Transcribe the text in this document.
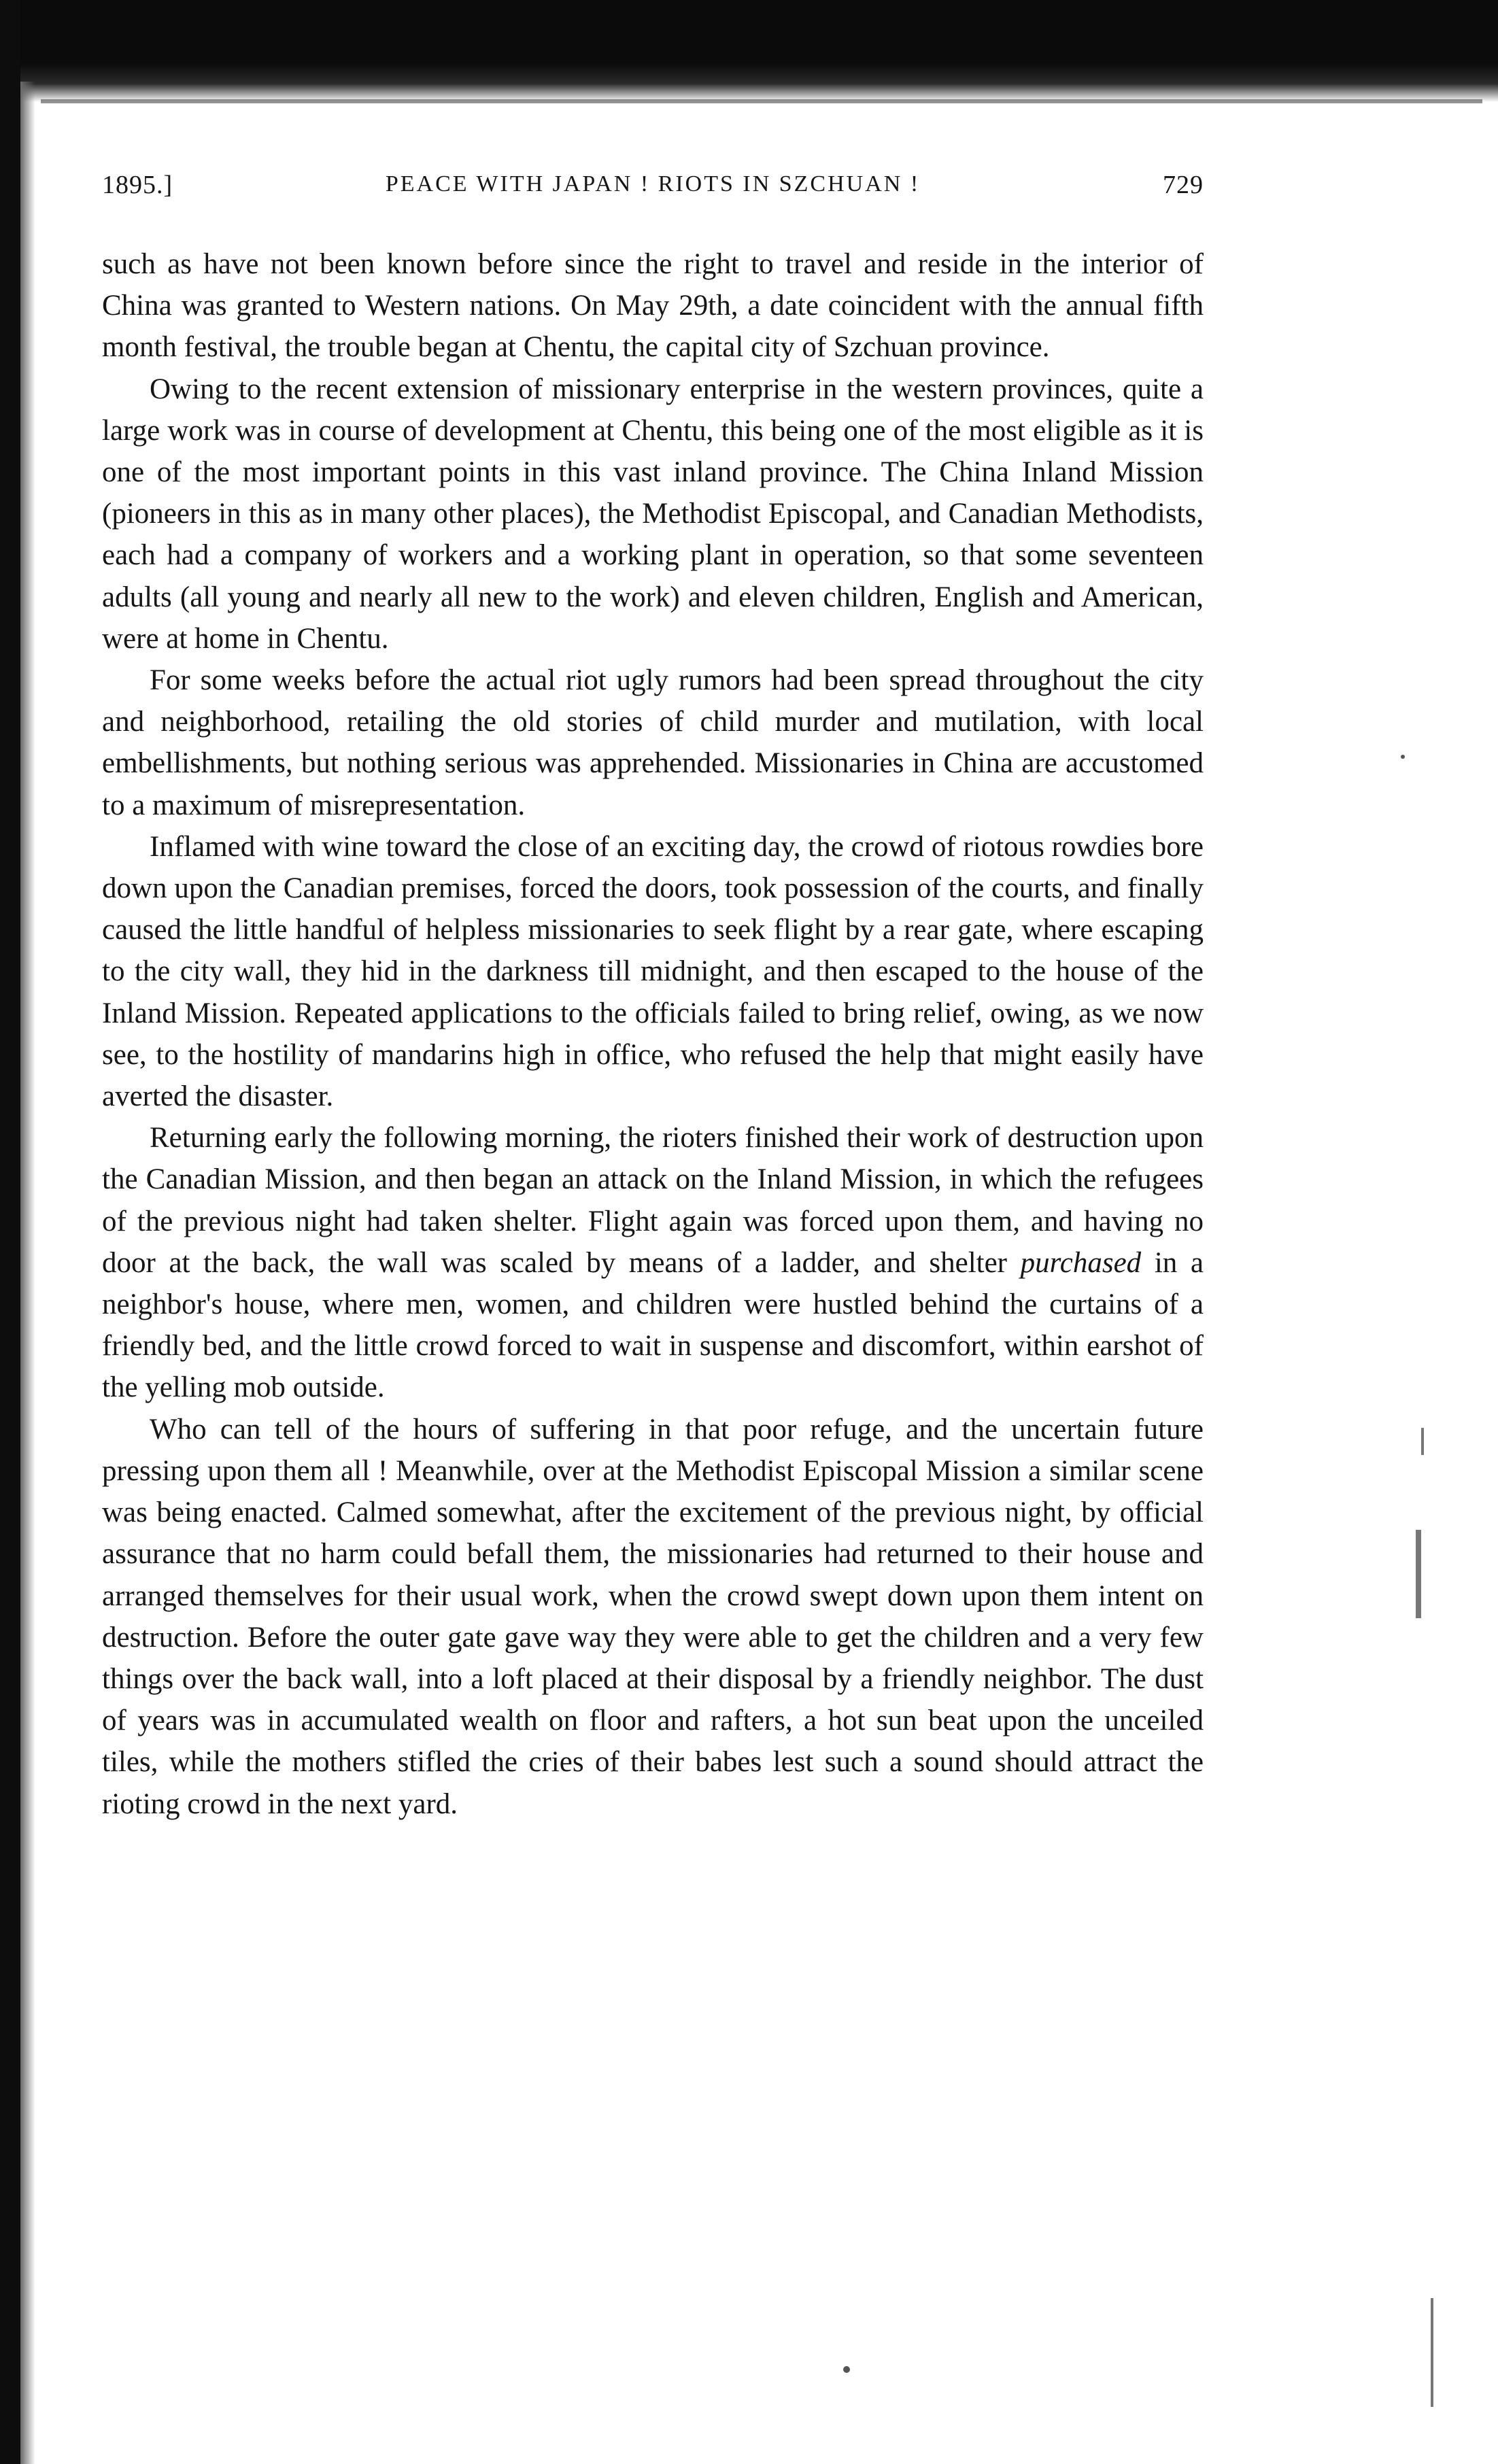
1895.]	PEACE WITH JAPAN ! RIOTS IN SZCHUAN !	729

such as have not been known before since the right to travel and reside in the interior of China was granted to Western nations. On May 29th, a date coincident with the annual fifth month festival, the trouble began at Chentu, the capital city of Szchuan province.

Owing to the recent extension of missionary enterprise in the western provinces, quite a large work was in course of development at Chentu, this being one of the most eligible as it is one of the most important points in this vast inland province. The China Inland Mission (pioneers in this as in many other places), the Methodist Episcopal, and Canadian Methodists, each had a company of workers and a working plant in operation, so that some seventeen adults (all young and nearly all new to the work) and eleven children, English and American, were at home in Chentu.

For some weeks before the actual riot ugly rumors had been spread throughout the city and neighborhood, retailing the old stories of child murder and mutilation, with local embellishments, but nothing serious was apprehended. Missionaries in China are accustomed to a maximum of misrepresentation.

Inflamed with wine toward the close of an exciting day, the crowd of riotous rowdies bore down upon the Canadian premises, forced the doors, took possession of the courts, and finally caused the little handful of helpless missionaries to seek flight by a rear gate, where escaping to the city wall, they hid in the darkness till midnight, and then escaped to the house of the Inland Mission. Repeated applications to the officials failed to bring relief, owing, as we now see, to the hostility of mandarins high in office, who refused the help that might easily have averted the disaster.

Returning early the following morning, the rioters finished their work of destruction upon the Canadian Mission, and then began an attack on the Inland Mission, in which the refugees of the previous night had taken shelter. Flight again was forced upon them, and having no door at the back, the wall was scaled by means of a ladder, and shelter purchased in a neighbor's house, where men, women, and children were hustled behind the curtains of a friendly bed, and the little crowd forced to wait in suspense and discomfort, within earshot of the yelling mob outside.

Who can tell of the hours of suffering in that poor refuge, and the uncertain future pressing upon them all ! Meanwhile, over at the Methodist Episcopal Mission a similar scene was being enacted. Calmed somewhat, after the excitement of the previous night, by official assurance that no harm could befall them, the missionaries had returned to their house and arranged themselves for their usual work, when the crowd swept down upon them intent on destruction. Before the outer gate gave way they were able to get the children and a very few things over the back wall, into a loft placed at their disposal by a friendly neighbor. The dust of years was in accumulated wealth on floor and rafters, a hot sun beat upon the unceiled tiles, while the mothers stifled the cries of their babes lest such a sound should attract the rioting crowd in the next yard.
